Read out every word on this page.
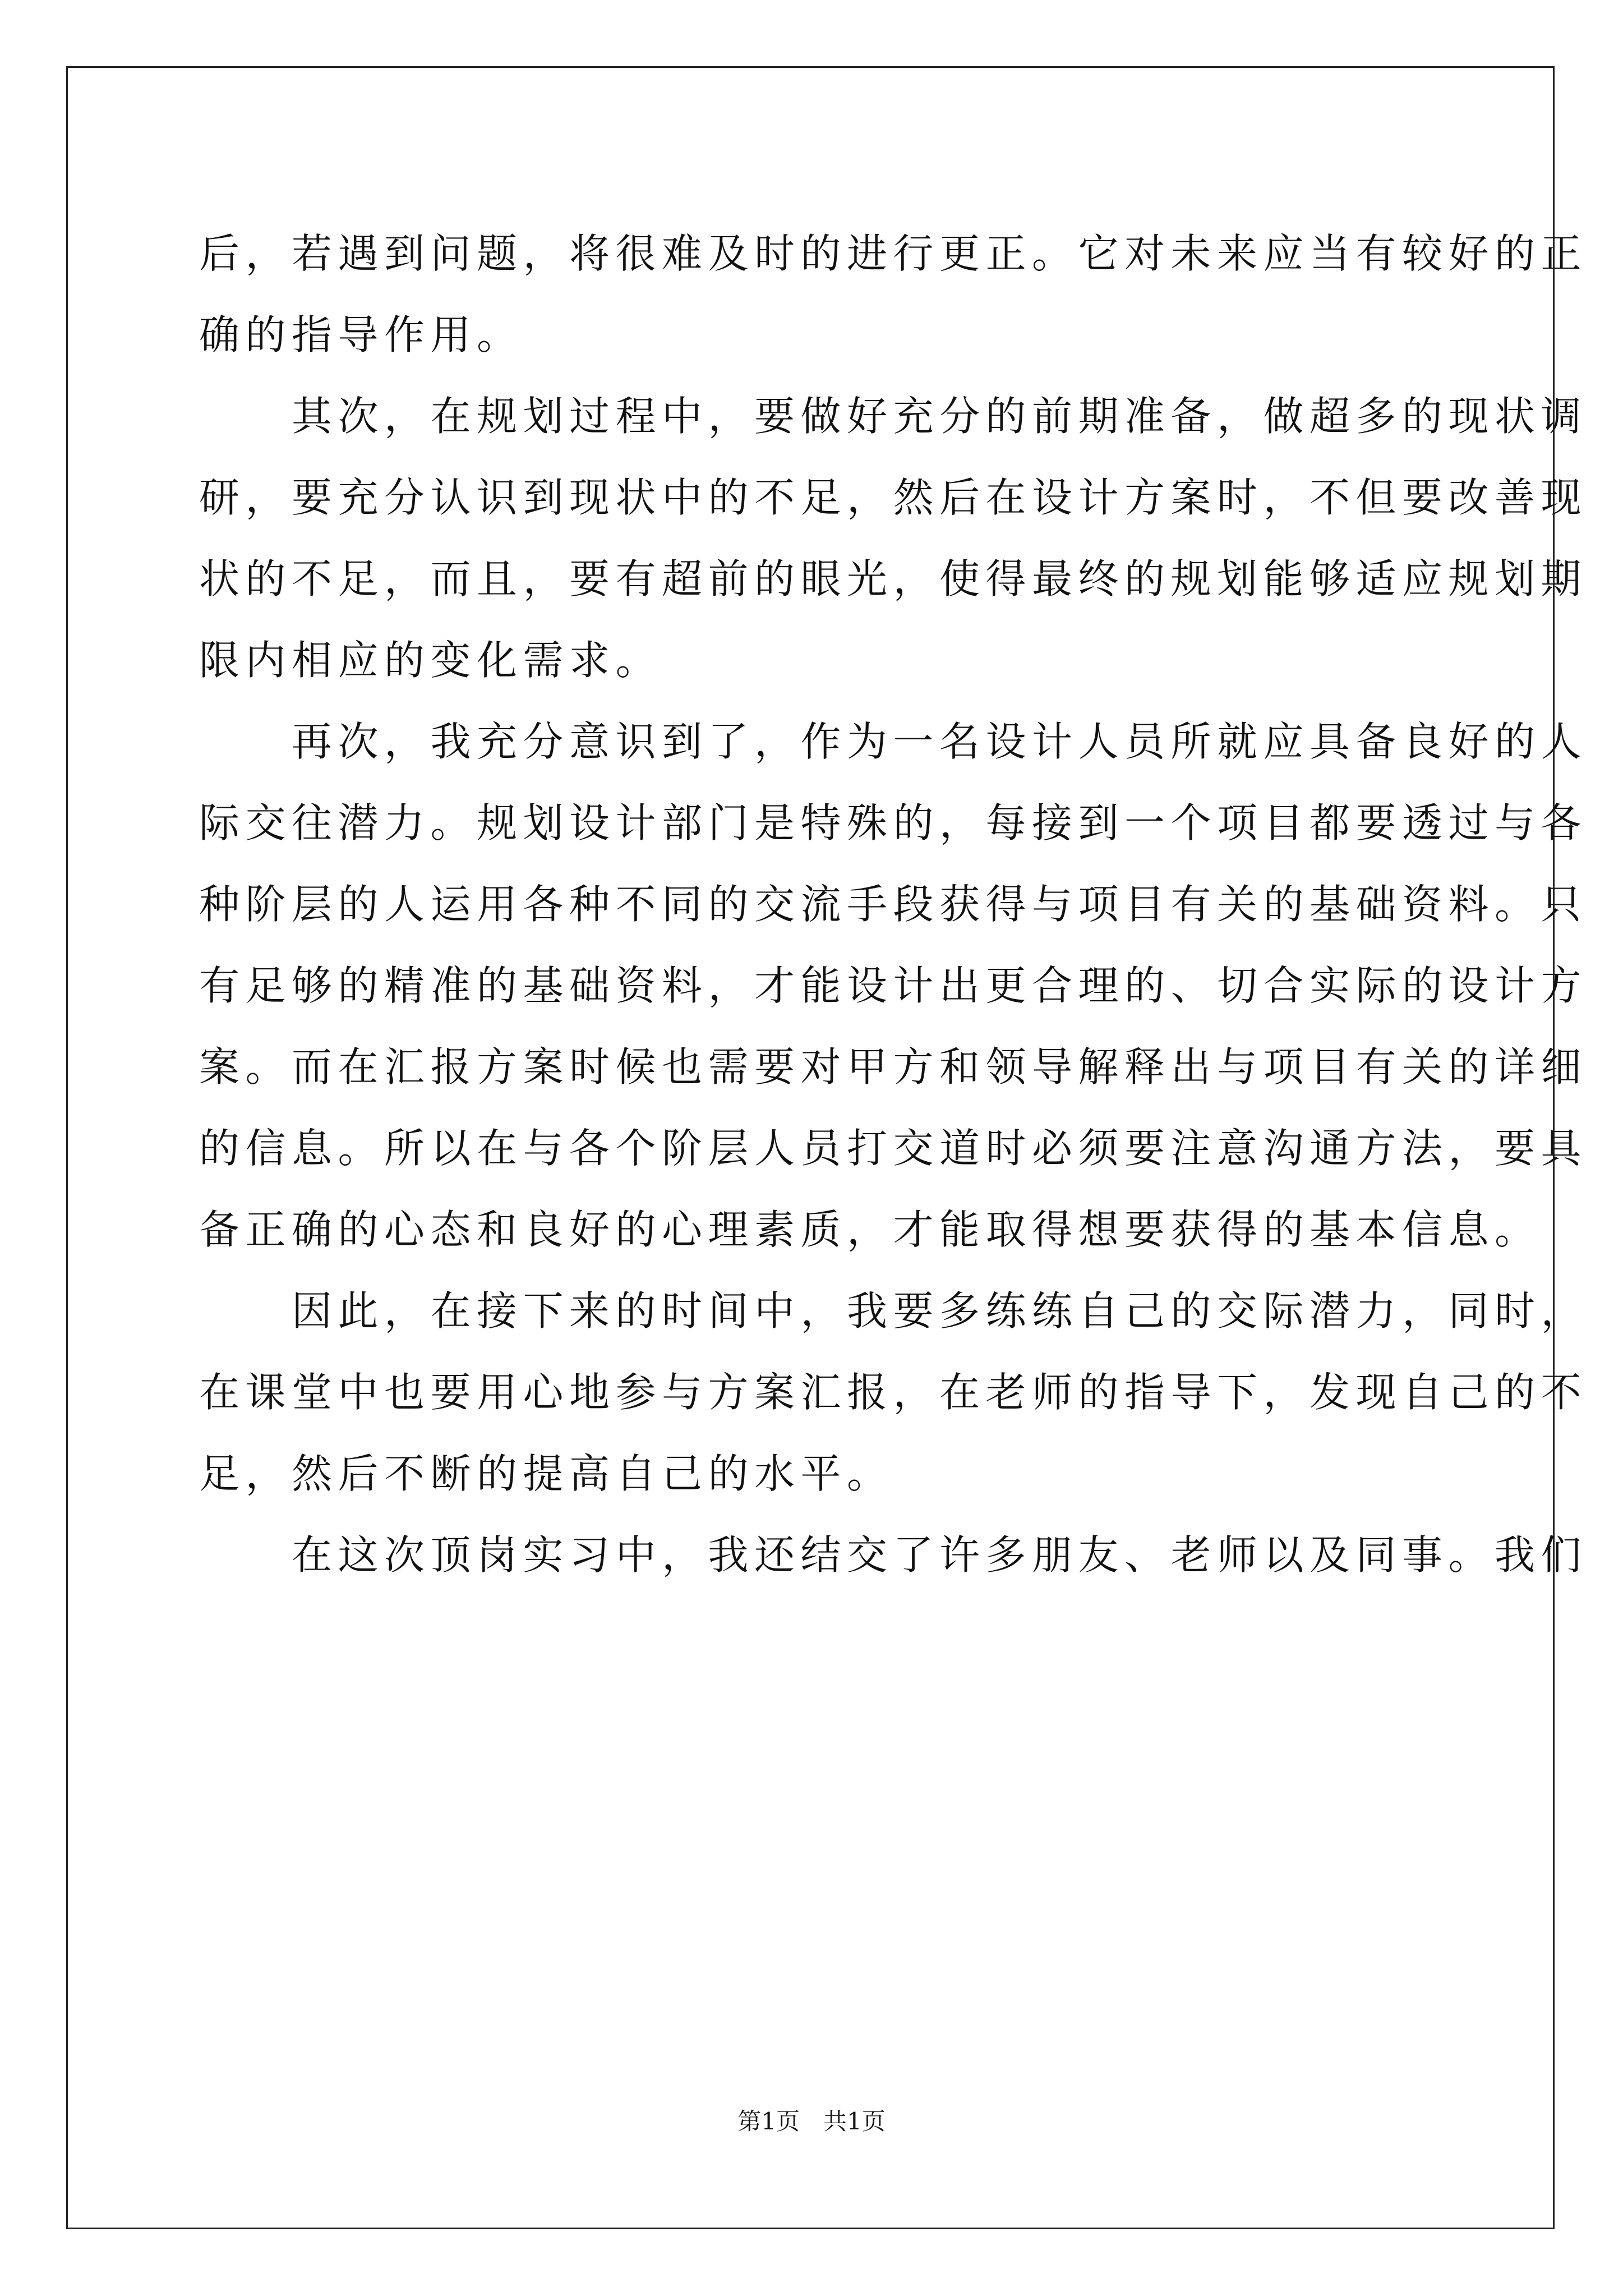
后，若遇到问题，将很难及时的进行更正。它对未来应当有较好的正
确的指导作用。
　　其次，在规划过程中，要做好充分的前期准备，做超多的现状调
研，要充分认识到现状中的不足，然后在设计方案时，不但要改善现
状的不足，而且，要有超前的眼光，使得最终的规划能够适应规划期
限内相应的变化需求。
　　再次，我充分意识到了，作为一名设计人员所就应具备良好的人
际交往潜力。规划设计部门是特殊的，每接到一个项目都要透过与各
种阶层的人运用各种不同的交流手段获得与项目有关的基础资料。只
有足够的精准的基础资料，才能设计出更合理的、切合实际的设计方
案。而在汇报方案时候也需要对甲方和领导解释出与项目有关的详细
的信息。所以在与各个阶层人员打交道时必须要注意沟通方法，要具
备正确的心态和良好的心理素质，才能取得想要获得的基本信息。
　　因此，在接下来的时间中，我要多练练自己的交际潜力，同时，
在课堂中也要用心地参与方案汇报，在老师的指导下，发现自己的不
足，然后不断的提高自己的水平。
　　在这次顶岗实习中，我还结交了许多朋友、老师以及同事。我们
第1页　共1页
